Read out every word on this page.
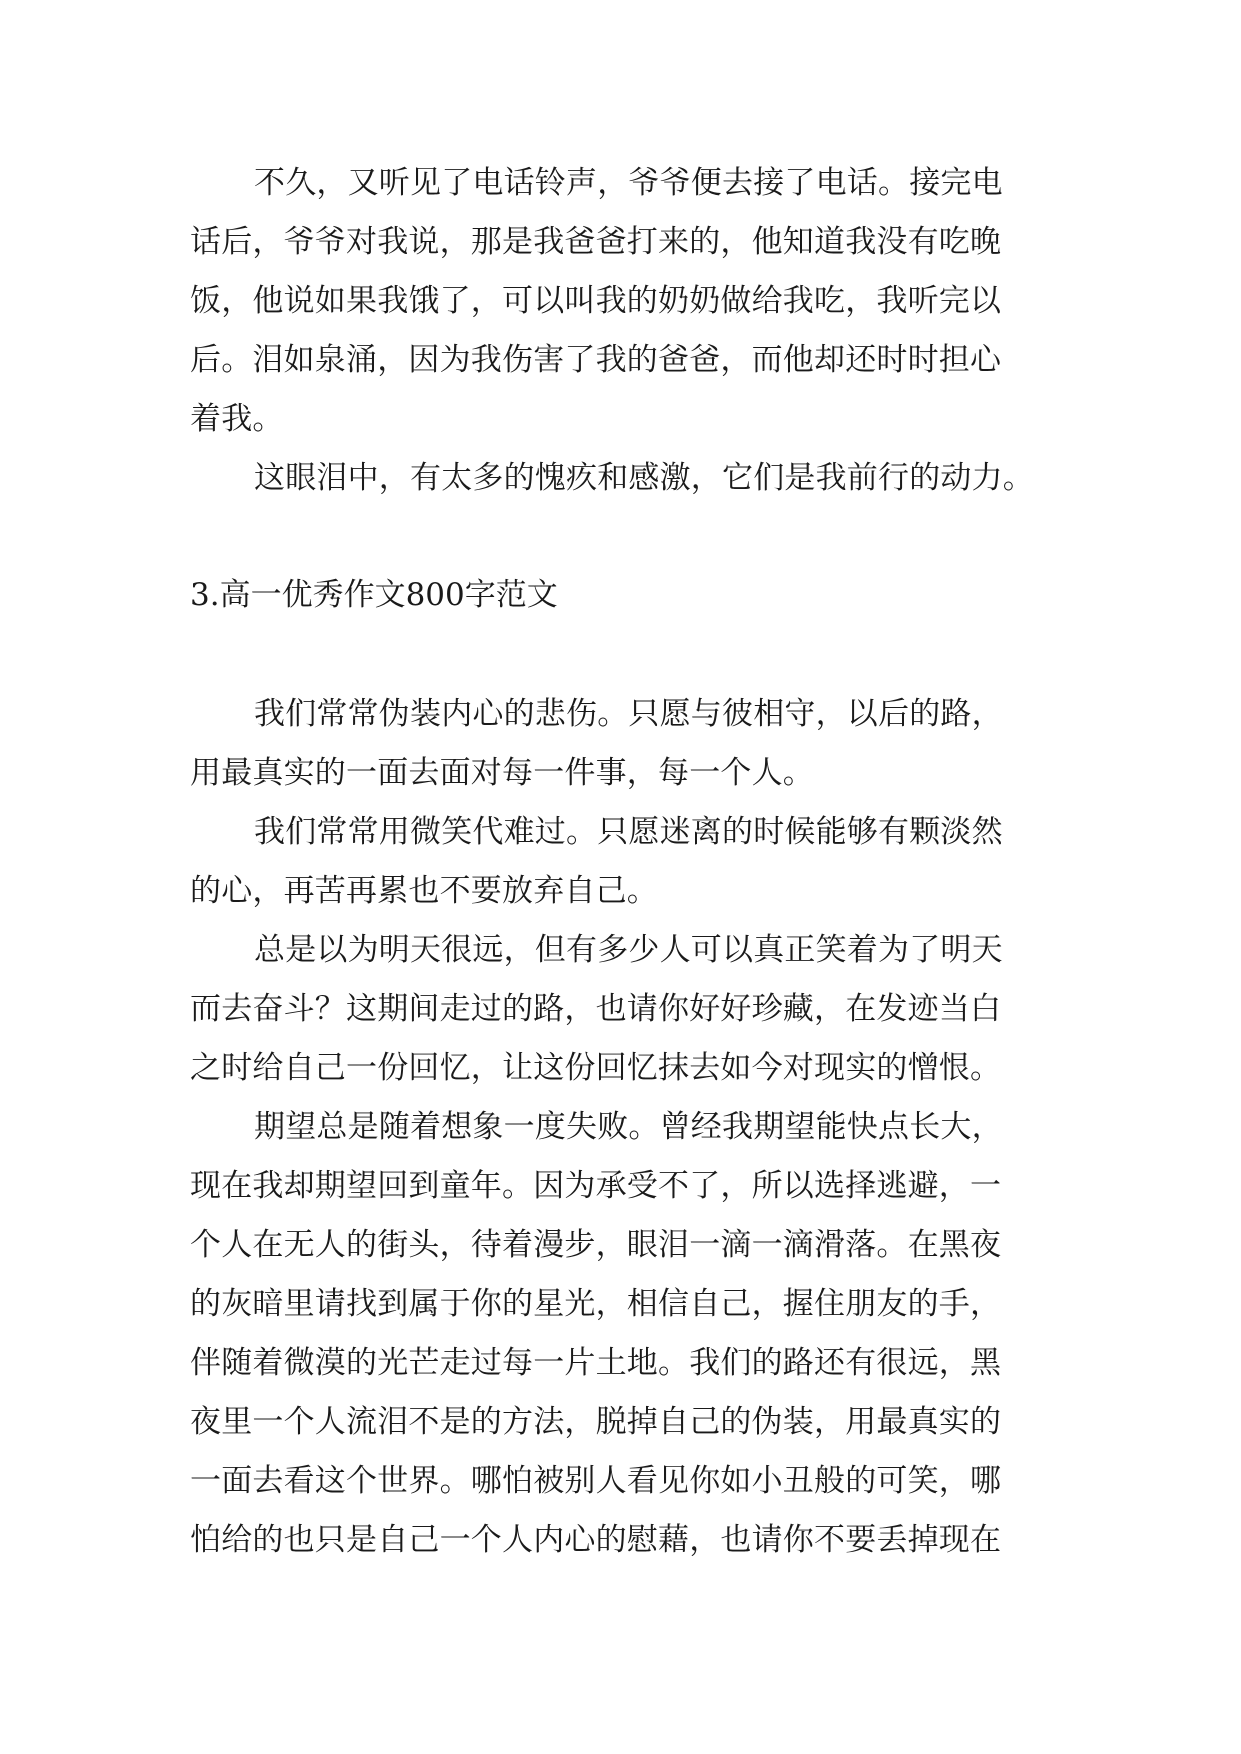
不久，又听见了电话铃声，爷爷便去接了电话。接完电
话后，爷爷对我说，那是我爸爸打来的，他知道我没有吃晚
饭，他说如果我饿了，可以叫我的奶奶做给我吃，我听完以
后。泪如泉涌，因为我伤害了我的爸爸，而他却还时时担心
着我。
这眼泪中，有太多的愧疚和感激，它们是我前行的动力。
3.高一优秀作文800字范文
我们常常伪装内心的悲伤。只愿与彼相守，以后的路，
用最真实的一面去面对每一件事，每一个人。
我们常常用微笑代难过。只愿迷离的时候能够有颗淡然
的心，再苦再累也不要放弃自己。
总是以为明天很远，但有多少人可以真正笑着为了明天
而去奋斗？这期间走过的路，也请你好好珍藏，在发迹当白
之时给自己一份回忆，让这份回忆抹去如今对现实的憎恨。
期望总是随着想象一度失败。曾经我期望能快点长大，
现在我却期望回到童年。因为承受不了，所以选择逃避，一
个人在无人的街头，待着漫步，眼泪一滴一滴滑落。在黑夜
的灰暗里请找到属于你的星光，相信自己，握住朋友的手，
伴随着微漠的光芒走过每一片土地。我们的路还有很远，黑
夜里一个人流泪不是的方法，脱掉自己的伪装，用最真实的
一面去看这个世界。哪怕被别人看见你如小丑般的可笑，哪
怕给的也只是自己一个人内心的慰藉，也请你不要丢掉现在
